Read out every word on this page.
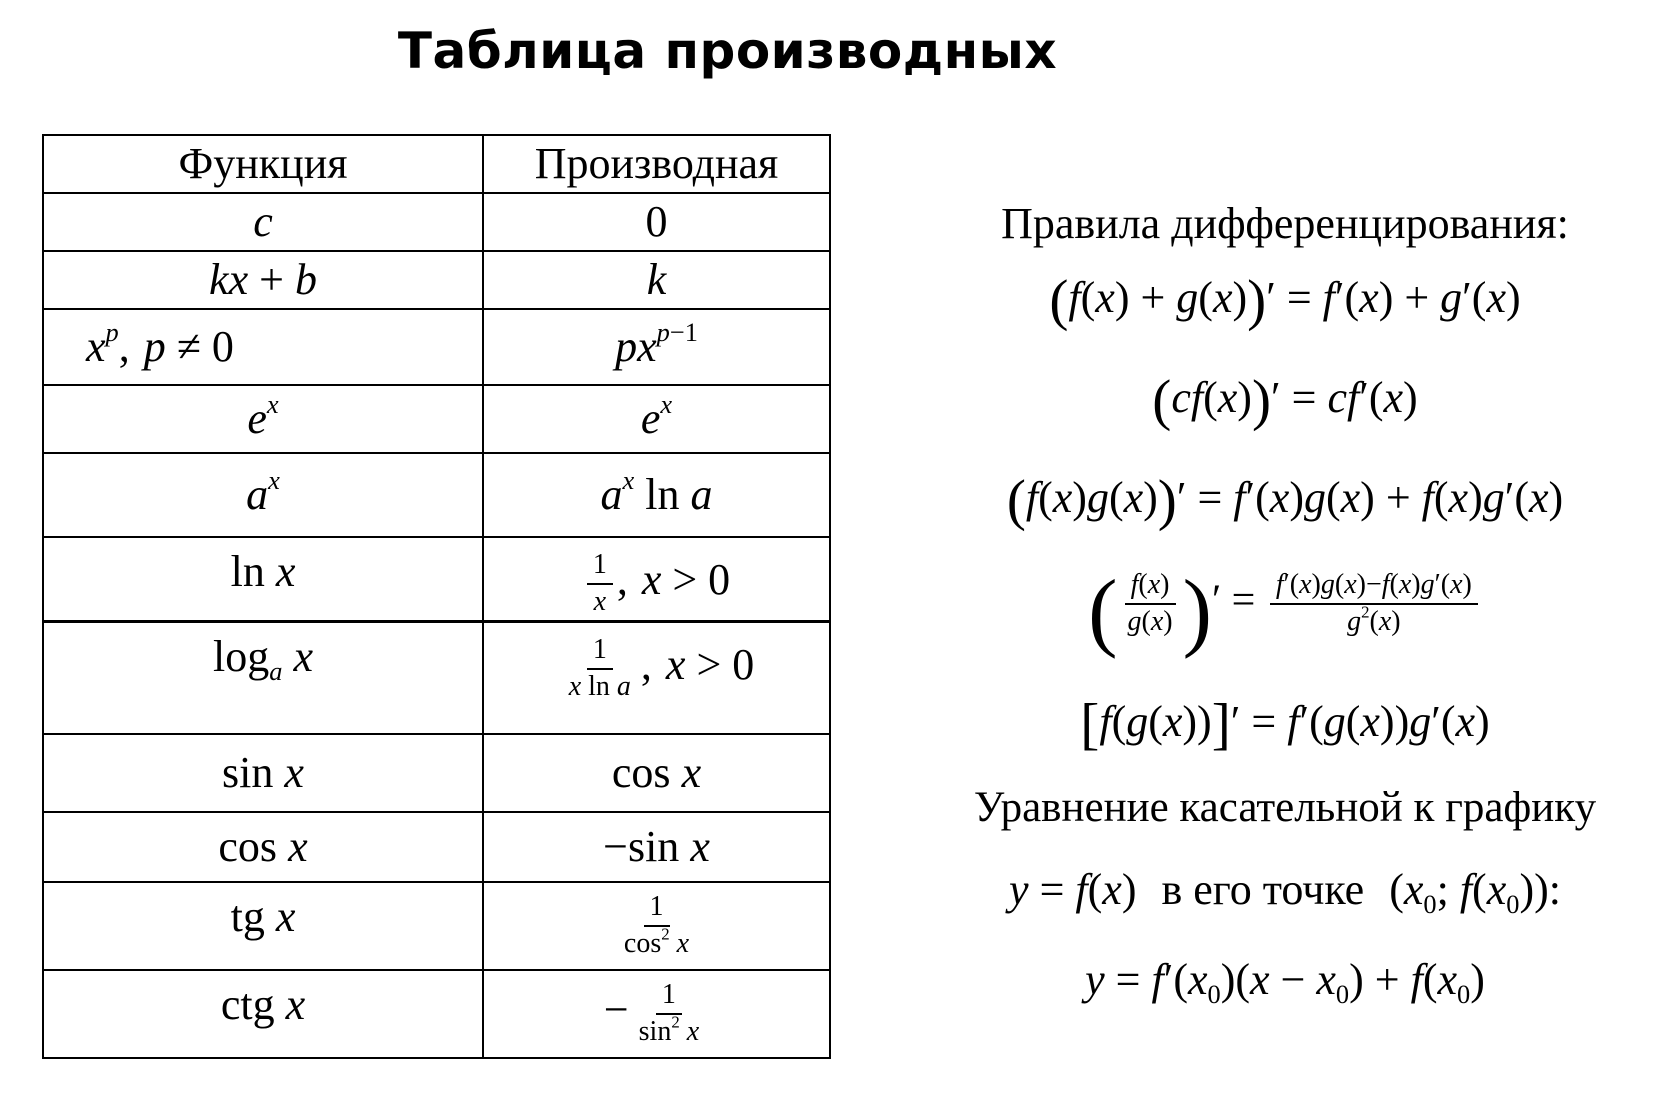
Таблица производных
Функция	Производная
c	0
kx + b	k
$x^p$, p ≠ 0	$px^{p-1}$
$e^x$	$e^x$
$a^x$	$a^x$ ln a
ln x	$\frac{1}{x}$ , x > 0
$\log_a x$	$\frac{1}{\text{x ln a}}$ , x > 0
sin x	cos x
cos x	−sin x
tg x	$\frac{1}{\cos^2 x}$

ctg x	− $\frac{1}{\sin^2 x}$
Правила дифференцирования:
(f(x) + g(x))′ = f′(x) + g′(x)
(cf(x))′ = cf′(x)
(f(x)g(x))′ = f′(x)g(x) + f(x)g′(x)
( $\frac{f(x)}{g(x)}$ )′ = $\frac{f'(x)g(x)-f(x)g'(x)}{g^2(x)}$
[f(g(x))]′ = f′(g(x))g′(x)
Уравнение касательной к графику
y = f(x) в его точке ($x_0$; $f(x_0)$):
$y = f'(x_0)(x - x_0) + f(x_0)$
